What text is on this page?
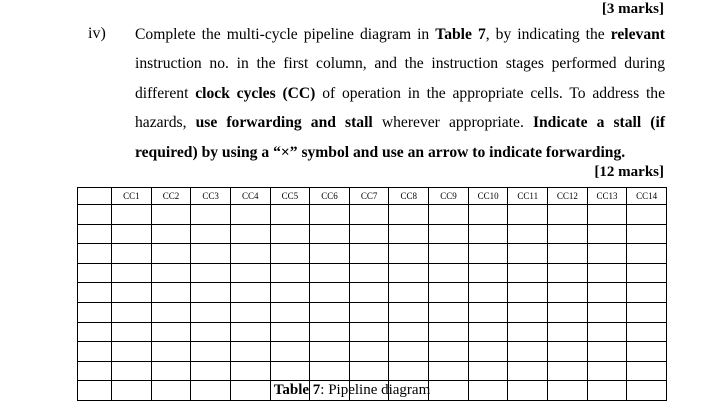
[3 marks]
iv) Complete the multi-cycle pipeline diagram in Table 7, by indicating the relevant instruction no. in the first column, and the instruction stages performed during different clock cycles (CC) of operation in the appropriate cells. To address the hazards, use forwarding and stall wherever appropriate. Indicate a stall (if required) by using a “×” symbol and use an arrow to indicate forwarding.
[12 marks]
	CC1	CC2	CC3	CC4	CC5	CC6	CC7	CC8	CC9	CC10	CC11	CC12	CC13	CC14

Table 7: Pipeline diagram
